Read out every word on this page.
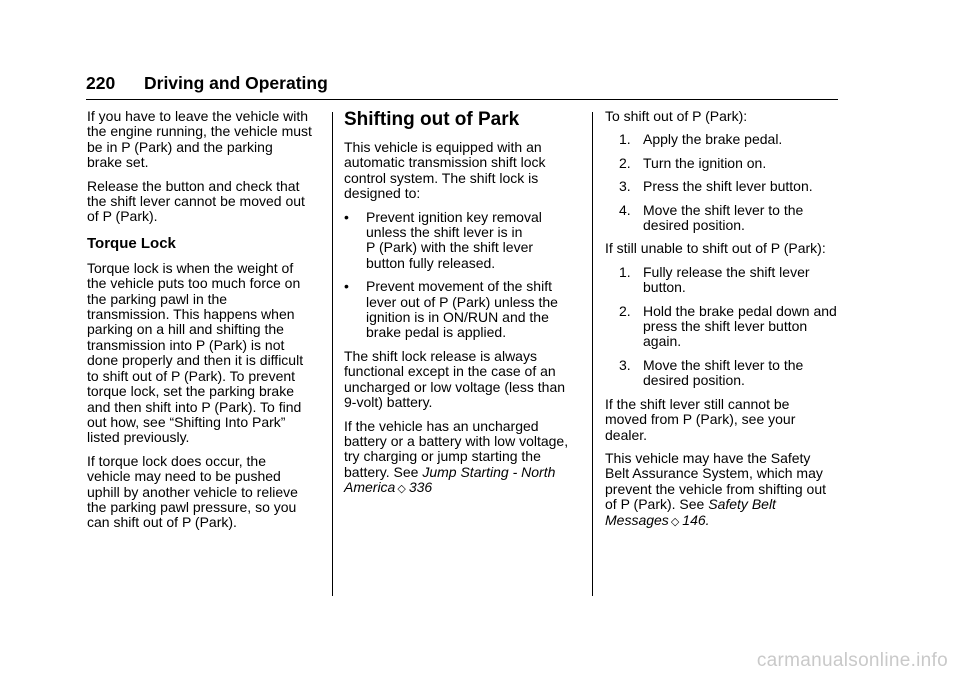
220 Driving and Operating

If you have to leave the vehicle with
the engine running, the vehicle must
be in P (Park) and the parking
brake set.

Release the button and check that
the shift lever cannot be moved out
of P (Park).

Torque Lock

Torque lock is when the weight of
the vehicle puts too much force on
the parking pawl in the
transmission. This happens when
parking on a hill and shifting the
transmission into P (Park) is not
done properly and then it is difficult
to shift out of P (Park). To prevent
torque lock, set the parking brake
and then shift into P (Park). To find
out how, see “Shifting Into Park”
listed previously.

If torque lock does occur, the
vehicle may need to be pushed
uphill by another vehicle to relieve
the parking pawl pressure, so you
can shift out of P (Park).

Shifting out of Park

This vehicle is equipped with an
automatic transmission shift lock
control system. The shift lock is
designed to:

• Prevent ignition key removal
unless the shift lever is in
P (Park) with the shift lever
button fully released.
• Prevent movement of the shift
lever out of P (Park) unless the
ignition is in ON/RUN and the
brake pedal is applied.

The shift lock release is always
functional except in the case of an
uncharged or low voltage (less than
9-volt) battery.

If the vehicle has an uncharged
battery or a battery with low voltage,
try charging or jump starting the
battery. See Jump Starting - North
America ◇ 336

To shift out of P (Park):

1. Apply the brake pedal.
2. Turn the ignition on.
3. Press the shift lever button.
4. Move the shift lever to the
desired position.

If still unable to shift out of P (Park):

1. Fully release the shift lever
button.
2. Hold the brake pedal down and
press the shift lever button
again.
3. Move the shift lever to the
desired position.

If the shift lever still cannot be
moved from P (Park), see your
dealer.

This vehicle may have the Safety
Belt Assurance System, which may
prevent the vehicle from shifting out
of P (Park). See Safety Belt
Messages ◇ 146.

carmanualsonline.info
